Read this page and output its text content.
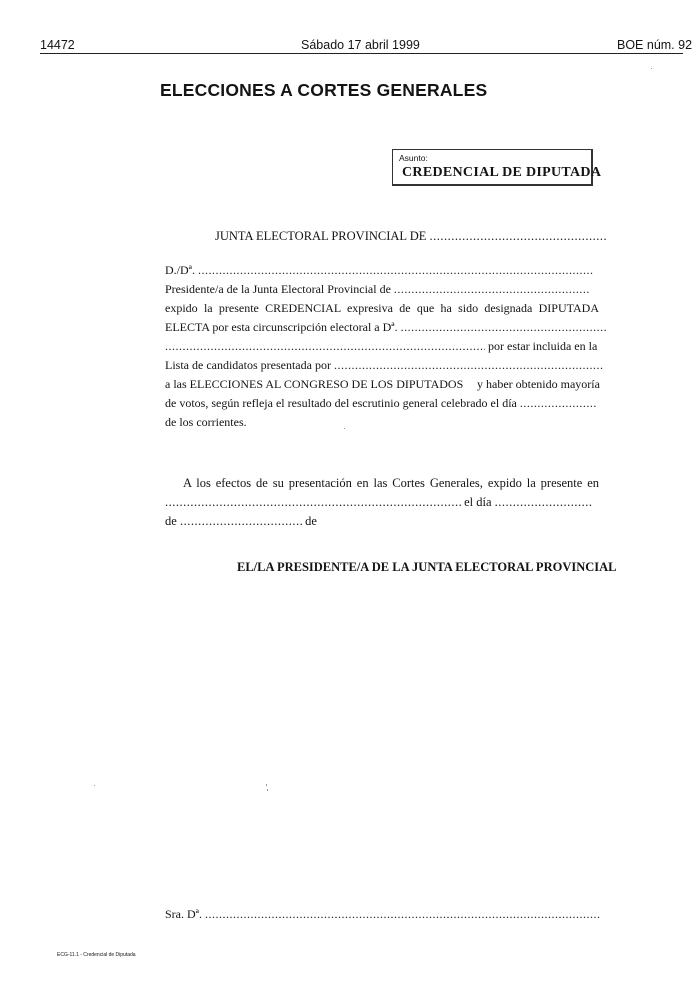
14472	Sábado 17 abril 1999	BOE núm. 92
ELECCIONES A CORTES GENERALES
Asunto:
CREDENCIAL DE DIPUTADA
JUNTA ELECTORAL PROVINCIAL DE .....
D./Dª. .....
Presidente/a de la Junta Electoral Provincial de .....
expido la presente CREDENCIAL expresiva de que ha sido designada DIPUTADA
ELECTA por esta circunscripción electoral a Dª. .....
..... por estar incluida en la
Lista de candidatos presentada por .....
a las ELECCIONES AL CONGRESO DE LOS DIPUTADOS y haber obtenido mayoría
de votos, según refleja el resultado del escrutinio general celebrado el día .....
de los corrientes.
A los efectos de su presentación en las Cortes Generales, expido la presente en
..... el día .....
de .....	de
EL/LA PRESIDENTE/A DE LA JUNTA ELECTORAL PROVINCIAL
Sra. Dª. .....
ECG-11.1 - Credencial de Diputada
